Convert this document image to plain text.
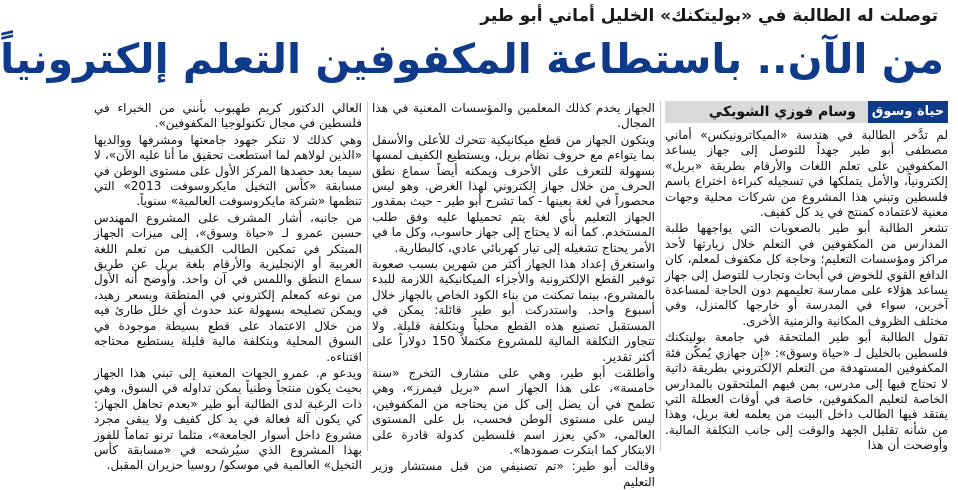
توصلت له الطالبة في «بوليتكنك» الخليل أماني أبو طير
من الآن.. باستطاعة المكفوفين التعلم إلكترونياً
حياة وسوق
وسام فوزي الشويكي

لم تدَّخر الطالبة في هندسة «الميكاترونيكس» أماني مصطفى أبو طير جهداً للتوصل إلى جهاز يساعد المكفوفين على تعلم اللغات والأرقام بطريقة «بريل» إلكترونياً، والأمل يتملكها في تسجيله كبراءة اختراع باسم فلسطين وتبني هذا المشروع من شركات محلية وجهات معنية لاعتماده كمنتج في يد كل كفيف.

تشعر الطالبة أبو طير بالصعوبات التي يواجهها طلبة المدارس من المكفوفين في التعلم خلال زيارتها لأحد مراكز ومؤسسات التعليم؛ وحاجة كل مكفوف لمعلم، كان الدافع القوي للخوض في أبحاث وتجارب للتوصل إلى جهاز يساعد هؤلاء على ممارسة تعليمهم دون الحاجة لمساعدة آخرين، سواء في المدرسة أو خارجها كالمنزل، وفي مختلف الظروف المكانية والزمنية الأخرى.

تقول الطالبة أبو طير الملتحقة في جامعة بوليتكنك فلسطين بالخليل لـ «حياة وسوق»: «إن جهازي يُمكّن فئة المكفوفين المستهدفة من التعلم الإلكتروني بطريقة ذاتية لا تحتاج فيها إلى مدرس، بمن فيهم الملتحقون بالمدارس الخاصة لتعليم المكفوفين، خاصة في أوقات العطلة التي يفتقد فيها الطالب داخل البيت من يعلمه لغة بريل، وهذا من شأنه تقليل الجهد والوقت إلى جانب التكلفة المالية. وأوضحت أن هذا

الجهاز يخدم كذلك المعلمين والمؤسسات المعنية في هذا المجال.

ويتكون الجهاز من قطع ميكانيكية تتحرك للأعلى والأسفل بما يتواءم مع حروف نظام بريل، ويستطيع الكفيف لمسها بسهولة للتعرف على الأحرف ويمكنه أيضاً سماع نطق الحرف من خلال جهاز إلكتروني لهذا الغرض. وهو ليس محصوراً في لغة بعينها - كما تشرح أبو طير - حيث بمقدور الجهاز التعليم بأي لغة يتم تحميلها عليه وفق طلب المستخدم. كما أنه لا يحتاج إلى جهاز حاسوب، وكل ما في الأمر يحتاج تشغيله إلى تيار كهربائي عادي، كالبطارية.

واستغرق إعداد هذا الجهاز أكثر من شهرين بسبب صعوبة توفير القطع الإلكترونية والأجزاء الميكانيكية اللازمة للبدء بالمشروع، بينما تمكنت من بناء الكود الخاص بالجهاز خلال أسبوع واحد. واستدركت أبو طير قائلة: يمكن في المستقبل تصنيع هذه القطع محلياً وبتكلفة قليلة. ولا تتجاوز التكلفة المالية للمشروع مكتملاً 150 دولاراً على أكثر تقدير.

وأطلقت أبو طير، وهي على مشارف التخرج «سنة خامسة»، على هذا الجهاز اسم «بريل فيمرز»، وهي تطمح في أن يصل إلى كل من يحتاجه من المكفوفين، ليس على مستوى الوطن فحسب، بل على المستوى العالمي، «كي يعزز اسم فلسطين كدولة قادرة على الابتكار كما ابتكرت صمودها».

وقالت أبو طير: «تم تصنيفي من قبل مستشار وزير التعليم

العالي الدكتور كريم طهبوب بأنني من الخبراء في فلسطين في مجال تكنولوجيا المكفوفين».

وهي كذلك لا تنكر جهود جامعتها ومشرفها ووالديها «الذين لولاهم لما استطعت تحقيق ما أنا عليه الآن»، لا سيما بعد حصدها المركز الأول على مستوى الوطن في مسابقة «كأس التخيل مايكروسوفت 2013» التي تنظمها «شركة مايكروسوفت العالمية» سنوياً.

من جانبه، أشار المشرف على المشروع المهندس حسين عمرو لـ «حياة وسوق»، إلى ميزات الجهاز المبتكر في تمكين الطالب الكفيف من تعلم اللغة العربية أو الإنجليزية والأرقام بلغة بريل عن طريق سماع النطق واللمس في آن واحد. وأوضح أنه الأول من نوعه كمعلم إلكتروني في المنطقة وبسعر زهيد، ويمكن تصليحه بسهولة عند حدوث أي خلل طارئ فيه من خلال الاعتماد على قطع بسيطة موجودة في السوق المحلية وبتكلفة مالية قليلة يستطيع محتاجه اقتناءه.

ويدعو م. عمرو الجهات المعنية إلى تبني هذا الجهاز بحيث يكون منتجاً وطنياً يمكن تداوله في السوق، وهي ذات الرغبة لدى الطالبة أبو طير «بعدم تجاهل الجهاز: كي يكون آلة فعالة في يد كل كفيف ولا يبقى مجرد مشروع داخل أسوار الجامعة»، مثلما ترنو تماماً للفوز بهذا المشروع الذي سيُرشحه في «مسابقة كأس التخيل» العالمية في موسكو/ روسيا حزيران المقبل.
